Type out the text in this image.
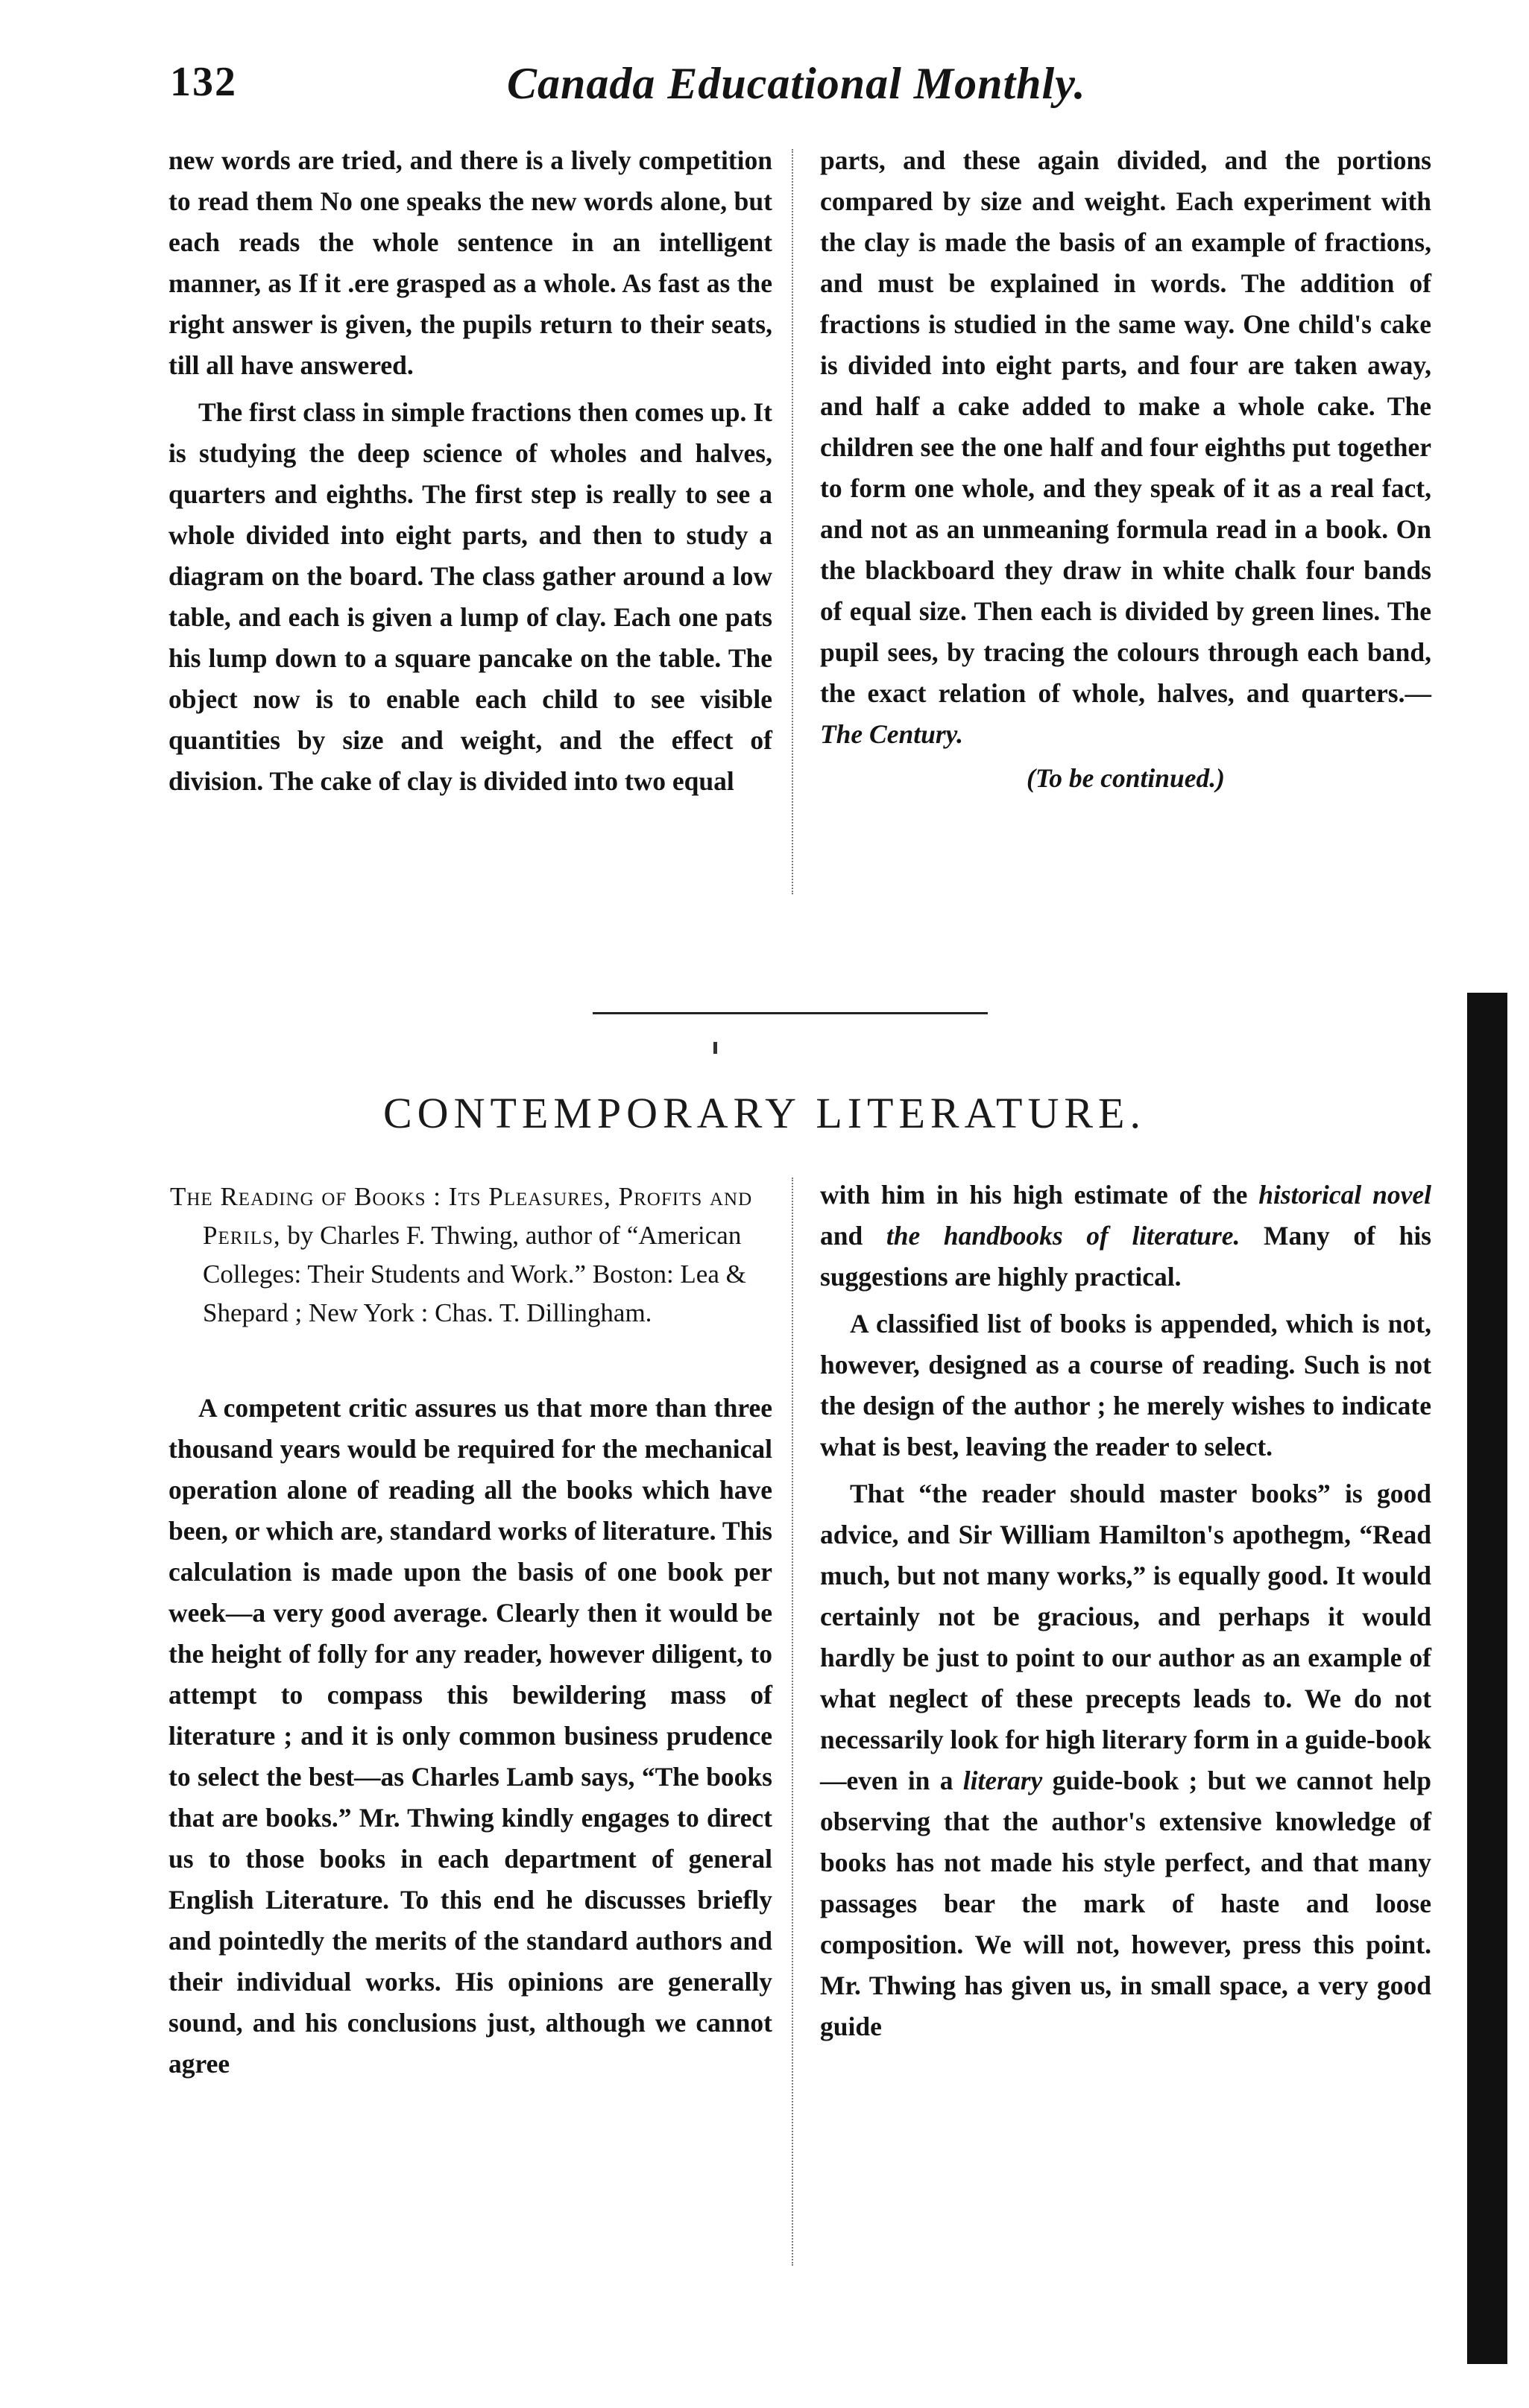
132	Canada Educational Monthly.

new words are tried, and there is a lively competition to read them No one speaks the new words alone, but each reads the whole sentence in an intelligent manner, as If it .ere grasped as a whole. As fast as the right answer is given, the pupils return to their seats, till all have answered.

The first class in simple fractions then comes up. It is studying the deep science of wholes and halves, quarters and eighths. The first step is really to see a whole divided into eight parts, and then to study a diagram on the board. The class gather around a low table, and each is given a lump of clay. Each one pats his lump down to a square pancake on the table. The object now is to enable each child to see visible quantities by size and weight, and the effect of division. The cake of clay is divided into two equal

parts, and these again divided, and the portions compared by size and weight. Each experiment with the clay is made the basis of an example of fractions, and must be explained in words. The addition of fractions is studied in the same way. One child's cake is divided into eight parts, and four are taken away, and half a cake added to make a whole cake. The children see the one half and four eighths put together to form one whole, and they speak of it as a real fact, and not as an unmeaning formula read in a book. On the blackboard they draw in white chalk four bands of equal size. Then each is divided by green lines. The pupil sees, by tracing the colours through each band, the exact relation of whole, halves, and quarters.—The Century.

(To be continued.)

CONTEMPORARY LITERATURE.
The Reading of Books : Its Pleasures, Profits and Perils, by Charles F. Thwing, author of “American Colleges: Their Students and Work.” Boston: Lea & Shepard ; New York : Chas. T. Dillingham.

A competent critic assures us that more than three thousand years would be required for the mechanical operation alone of reading all the books which have been, or which are, standard works of literature. This calculation is made upon the basis of one book per week—a very good average. Clearly then it would be the height of folly for any reader, however diligent, to attempt to compass this bewildering mass of literature ; and it is only common business prudence to select the best—as Charles Lamb says, “The books that are books.” Mr. Thwing kindly engages to direct us to those books in each department of general English Literature. To this end he discusses briefly and pointedly the merits of the standard authors and their individual works. His opinions are generally sound, and his conclusions just, although we cannot agree

with him in his high estimate of the historical novel and the handbooks of literature. Many of his suggestions are highly practical.

A classified list of books is appended, which is not, however, designed as a course of reading. Such is not the design of the author ; he merely wishes to indicate what is best, leaving the reader to select.

That “the reader should master books” is good advice, and Sir William Hamilton's apothegm, “Read much, but not many works,” is equally good. It would certainly not be gracious, and perhaps it would hardly be just to point to our author as an example of what neglect of these precepts leads to. We do not necessarily look for high literary form in a guide-book—even in a literary guide-book ; but we cannot help observing that the author's extensive knowledge of books has not made his style perfect, and that many passages bear the mark of haste and loose composition. We will not, however, press this point. Mr. Thwing has given us, in small space, a very good guide
